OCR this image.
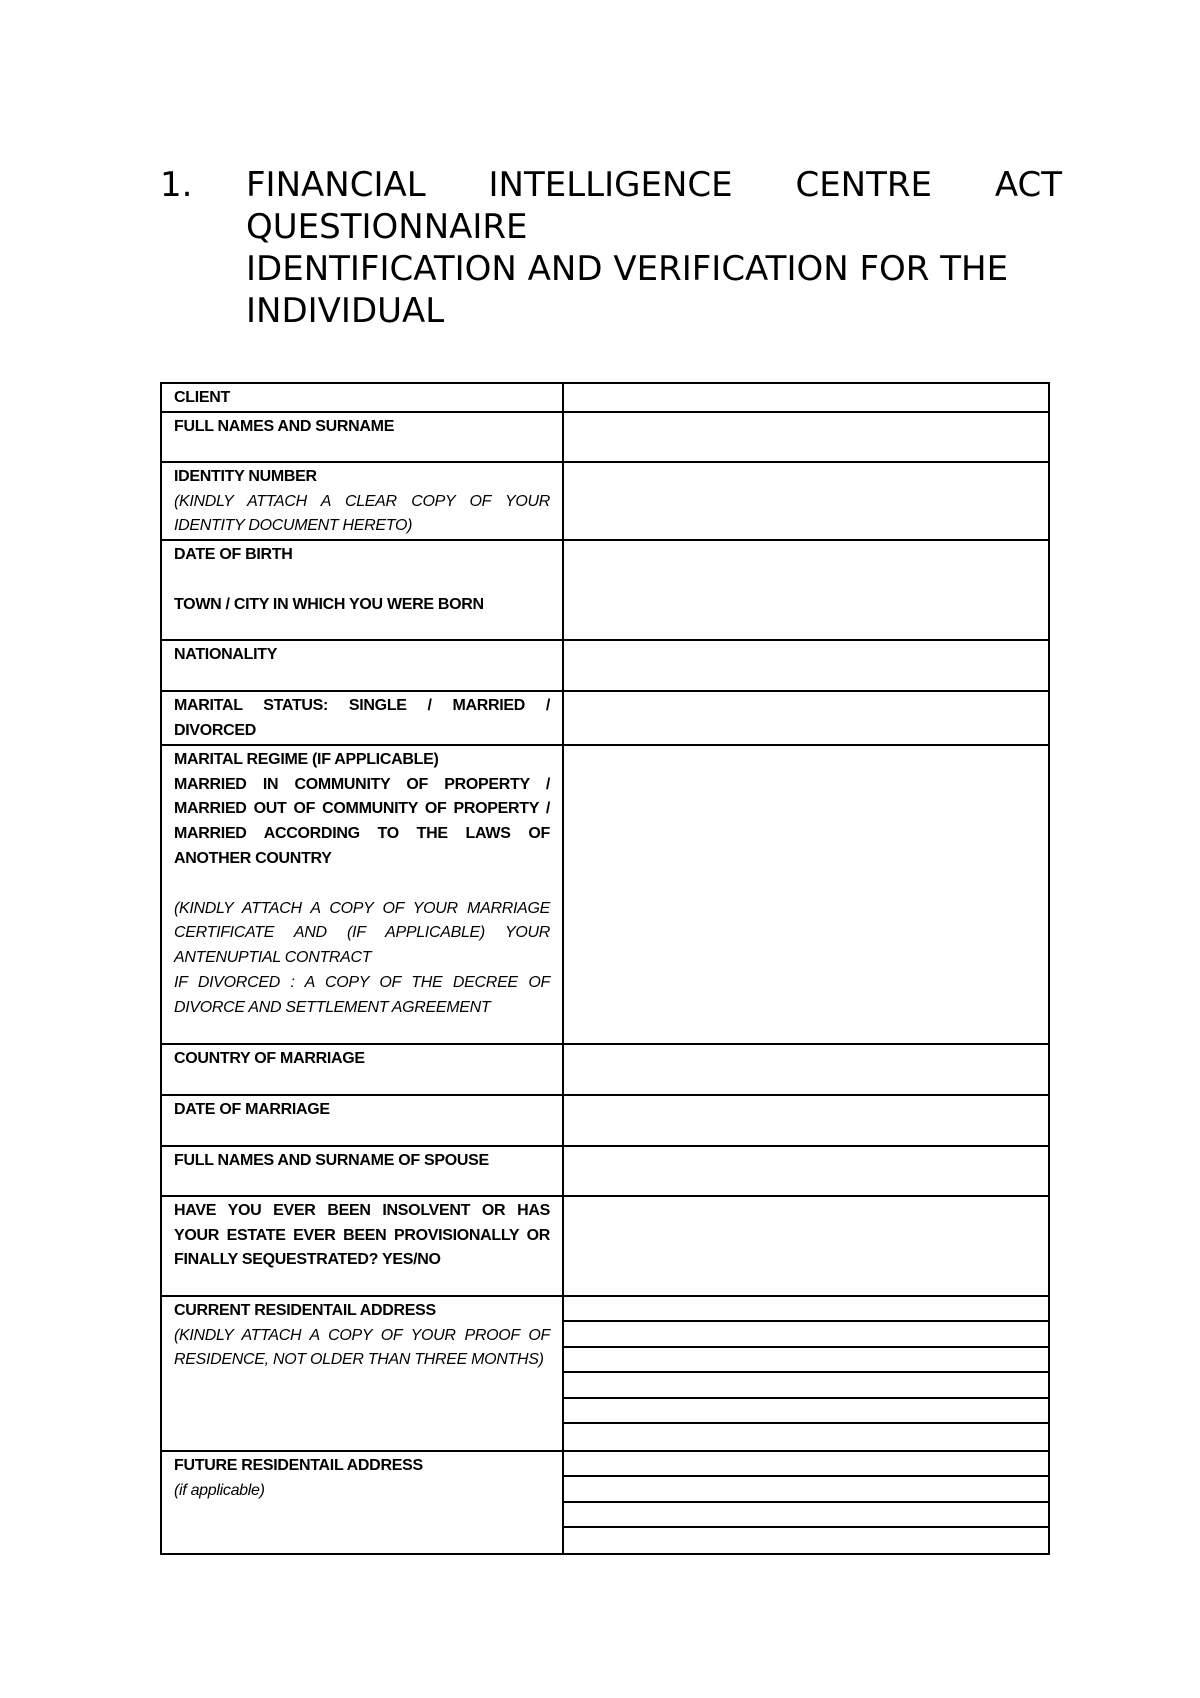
1. FINANCIAL INTELLIGENCE CENTRE ACT
QUESTIONNAIRE
IDENTIFICATION AND VERIFICATION FOR THE
INDIVIDUAL
CLIENT	
FULL NAMES AND SURNAME	

IDENTITY NUMBER

(KINDLY ATTACH A CLEAR COPY OF YOUR IDENTITY DOCUMENT HERETO)	

DATE OF BIRTH

TOWN / CITY IN WHICH YOU WERE BORN	

NATIONALITY	
MARITAL STATUS: SINGLE / MARRIED / DIVORCED	

MARITAL REGIME (IF APPLICABLE)

MARRIED IN COMMUNITY OF PROPERTY / MARRIED OUT OF COMMUNITY OF PROPERTY / MARRIED ACCORDING TO THE LAWS OF ANOTHER COUNTRY

(KINDLY ATTACH A COPY OF YOUR MARRIAGE CERTIFICATE AND (IF APPLICABLE) YOUR ANTENUPTIAL CONTRACT

IF DIVORCED : A COPY OF THE DECREE OF DIVORCE AND SETTLEMENT AGREEMENT	

COUNTRY OF MARRIAGE	
DATE OF MARRIAGE	
FULL NAMES AND SURNAME OF SPOUSE	
HAVE YOU EVER BEEN INSOLVENT OR HAS YOUR ESTATE EVER BEEN PROVISIONALLY OR FINALLY SEQUESTRATED? YES/NO	

CURRENT RESIDENTAIL ADDRESS

(KINDLY ATTACH A COPY OF YOUR PROOF OF RESIDENCE, NOT OLDER THAN THREE MONTHS)	

FUTURE RESIDENTAIL ADDRESS

(if applicable)	
